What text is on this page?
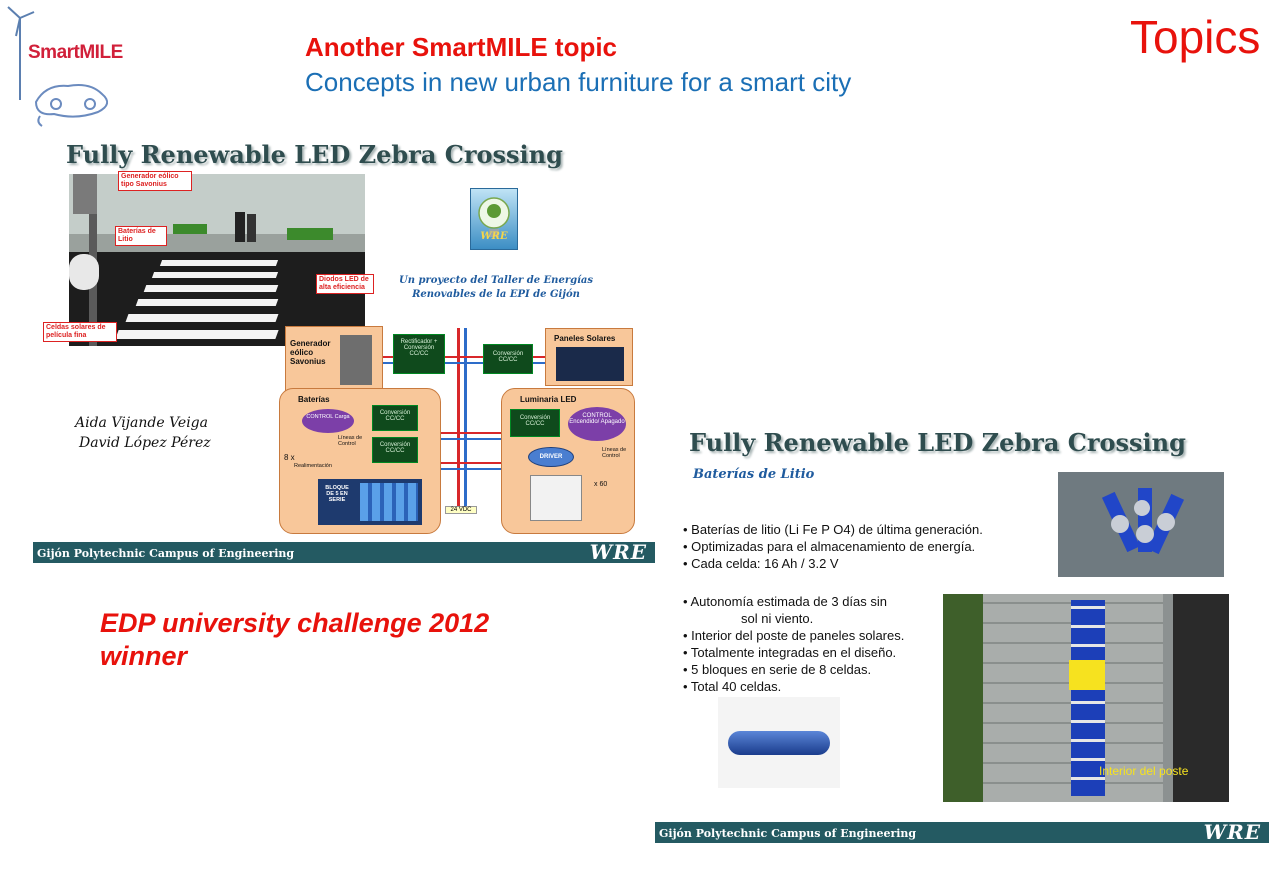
SmartMILE	Another SmartMILE topic
Concepts in new urban furniture for a smart city
Topics
Fully Renewable LED Zebra Crossing
Generador eólico tipo Savonius
Baterías de Litio
Diodos LED de alta eficiencia
Celdas solares de película fina
WRE
Un proyecto del Taller de Energías
Renovables de la EPI de Gijón
Aida Vijande Veiga
David López Pérez
Generador eólico Savonius
Rectificador + Conversión CC/CC	Conversión CC/CC
Paneles Solares
Baterías
CONTROL Carga
Conversión CC/CC
Conversión CC/CC
Líneas de Control
Realimentación
8 x
BLOQUE DE 5 EN SERIE
24 VDC
Luminaria LED
Conversión CC/CC
CONTROL Encendido/ Apagado
DRIVER
Líneas de Control
x 60
Gijón Polytechnic Campus of Engineering	WRE
EDP university challenge 2012
winner
Fully Renewable LED Zebra Crossing
Baterías de Litio
• Baterías de litio (Li Fe P O4) de última generación.
• Optimizadas para el almacenamiento de energía.
• Cada celda: 16 Ah / 3.2 V
• Autonomía estimada de 3 días sin
sol ni viento.
• Interior del poste de paneles solares.
• Totalmente integradas en el diseño.
• 5 bloques en serie de 8 celdas.
• Total 40 celdas.
Interior del poste
Gijón Polytechnic Campus of Engineering	WRE
